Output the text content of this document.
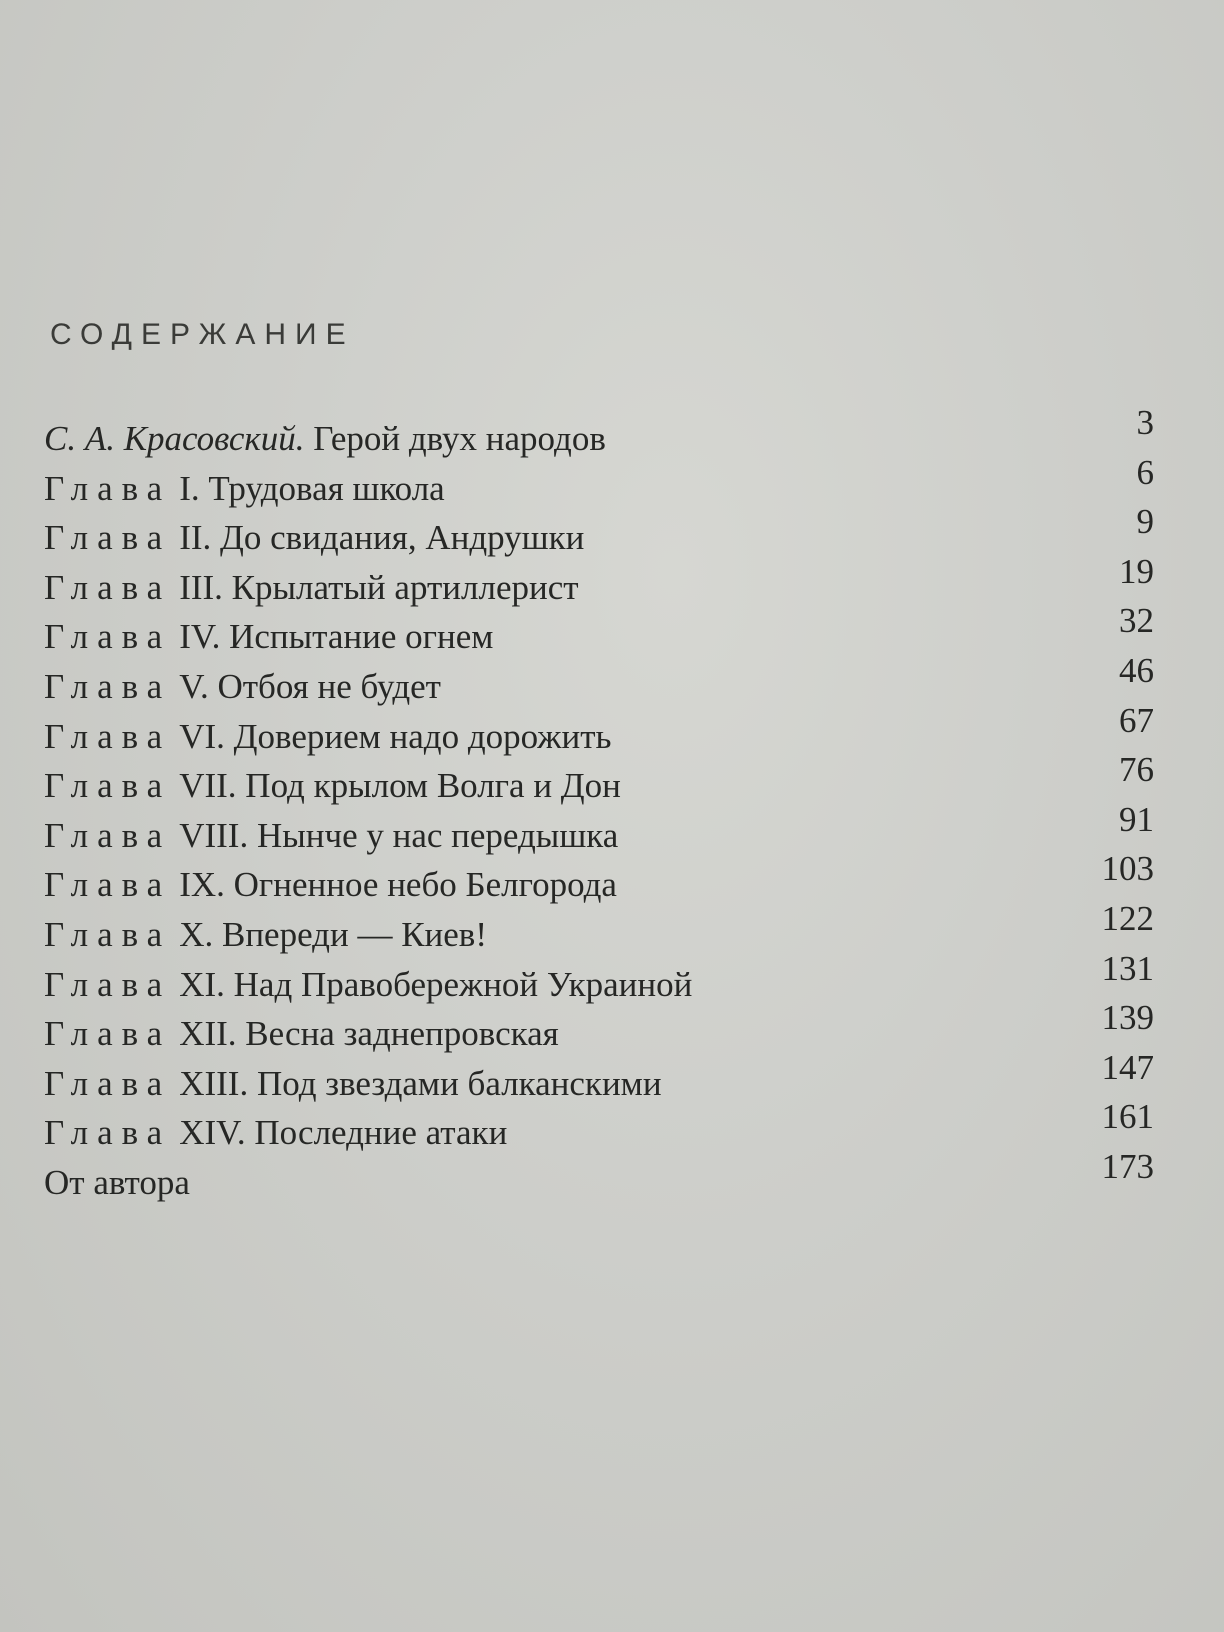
СОДЕРЖАНИЕ
С. А. Красовский. Герой двух народов	3
Глава I. Трудовая школа	6
Глава II. До свидания, Андрушки	9
Глава III. Крылатый артиллерист	19
Глава IV. Испытание огнем	32
Глава V. Отбоя не будет	46
Глава VI. Доверием надо дорожить	67
Глава VII. Под крылом Волга и Дон	76
Глава VIII. Нынче у нас передышка	91
Глава IX. Огненное небо Белгорода	103
Глава X. Впереди — Киев!	122
Глава XI. Над Правобережной Украиной	131
Глава XII. Весна заднепровская	139
Глава XIII. Под звездами балканскими	147
Глава XIV. Последние атаки	161
От автора	173
